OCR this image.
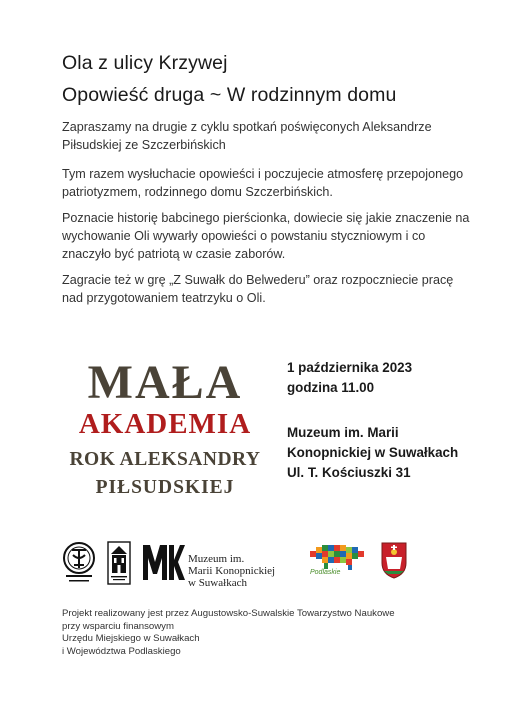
Ola z ulicy Krzywej
Opowieść druga ~ W rodzinnym domu

Zapraszamy na drugie z cyklu spotkań poświęconych Aleksandrze Piłsudskiej ze Szczerbińskich

Tym razem wysłuchacie opowieści i poczujecie atmosferę przepojonego patriotyzmem, rodzinnego domu Szczerbińskich.

Poznacie historię babcinego pierścionka, dowiecie się jakie znaczenie na wychowanie Oli wywarły opowieści o powstaniu styczniowym i co znaczyło być patriotą w czasie zaborów.

Zagracie też w grę „Z Suwałk do Belwederu” oraz rozpoczniecie pracę nad przygotowaniem teatrzyku o Oli.

MAŁA
AKADEMIA
ROK ALEKSANDRY
PIŁSUDSKIEJ
1 października 2023
godzina 11.00
Muzeum im. Marii
Konopnickiej w Suwałkach
Ul. T. Kościuszki 31
Muzeum im.
Marii Konopnickiej
w Suwałkach
Podlaskie
Projekt realizowany jest przez Augustowsko-Suwalskie Towarzystwo Naukowe
przy wsparciu finansowym
Urzędu Miejskiego w Suwałkach
i Województwa Podlaskiego
